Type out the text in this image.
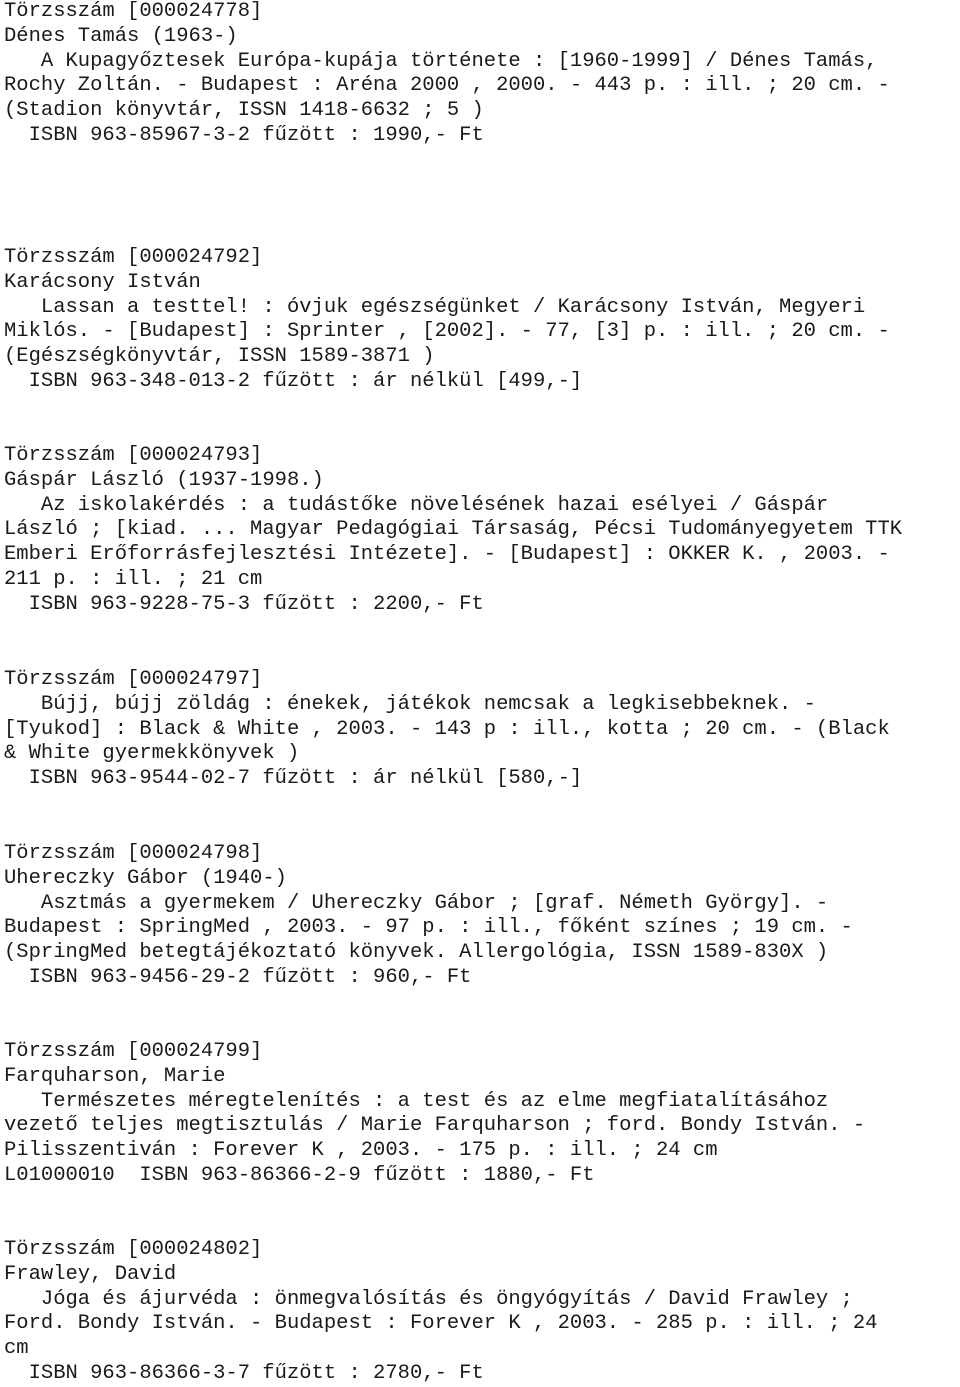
Törzsszám [000024778]
Dénes Tamás (1963-)
A Kupagyőztesek Európa-kupája története : [1960-1999] / Dénes Tamás,
Rochy Zoltán. - Budapest : Aréna 2000 , 2000. - 443 p. : ill. ; 20 cm. -
(Stadion könyvtár, ISSN 1418-6632 ; 5 )
ISBN 963-85967-3-2 fűzött : 1990,- Ft
Törzsszám [000024792]
Karácsony István
Lassan a testtel! : óvjuk egészségünket / Karácsony István, Megyeri
Miklós. - [Budapest] : Sprinter , [2002]. - 77, [3] p. : ill. ; 20 cm. -
(Egészségkönyvtár, ISSN 1589-3871 )
ISBN 963-348-013-2 fűzött : ár nélkül [499,-]
Törzsszám [000024793]
Gáspár László (1937-1998.)
Az iskolakérdés : a tudástőke növelésének hazai esélyei / Gáspár
László ; [kiad. ... Magyar Pedagógiai Társaság, Pécsi Tudományegyetem TTK
Emberi Erőforrásfejlesztési Intézete]. - [Budapest] : OKKER K. , 2003. -
211 p. : ill. ; 21 cm
ISBN 963-9228-75-3 fűzött : 2200,- Ft
Törzsszám [000024797]
Bújj, bújj zöldág : énekek, játékok nemcsak a legkisebbeknek. -
[Tyukod] : Black & White , 2003. - 143 p : ill., kotta ; 20 cm. - (Black
& White gyermekkönyvek )
ISBN 963-9544-02-7 fűzött : ár nélkül [580,-]
Törzsszám [000024798]
Uhereczky Gábor (1940-)
Asztmás a gyermekem / Uhereczky Gábor ; [graf. Németh György]. -
Budapest : SpringMed , 2003. - 97 p. : ill., főként színes ; 19 cm. -
(SpringMed betegtájékoztató könyvek. Allergológia, ISSN 1589-830X )
ISBN 963-9456-29-2 fűzött : 960,- Ft
Törzsszám [000024799]
Farquharson, Marie
Természetes méregtelenítés : a test és az elme megfiatalításához
vezető teljes megtisztulás / Marie Farquharson ; ford. Bondy István. -
Pilisszentiván : Forever K , 2003. - 175 p. : ill. ; 24 cm
L01000010  ISBN 963-86366-2-9 fűzött : 1880,- Ft
Törzsszám [000024802]
Frawley, David
Jóga és ájurvéda : önmegvalósítás és öngyógyítás / David Frawley ;
Ford. Bondy István. - Budapest : Forever K , 2003. - 285 p. : ill. ; 24
cm
ISBN 963-86366-3-7 fűzött : 2780,- Ft
